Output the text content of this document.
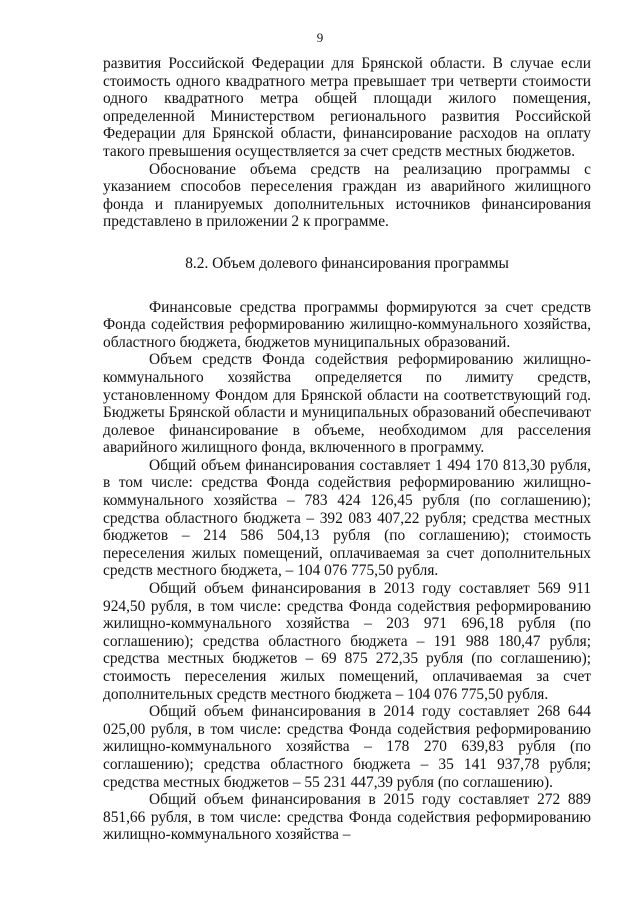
9

развития Российской Федерации для Брянской области. В случае если стоимость одного квадратного метра превышает три четверти стоимости одного квадратного метра общей площади жилого помещения, определенной Министерством регионального развития Российской Федерации для Брянской области, финансирование расходов на оплату такого превышения осуществляется за счет средств местных бюджетов.

Обоснование объема средств на реализацию программы с указанием способов переселения граждан из аварийного жилищного фонда и планируемых дополнительных источников финансирования представлено в приложении 2 к программе.

8.2. Объем долевого финансирования программы

Финансовые средства программы формируются за счет средств Фонда содействия реформированию жилищно-коммунального хозяйства, областного бюджета, бюджетов муниципальных образований.

Объем средств Фонда содействия реформированию жилищно-коммунального хозяйства определяется по лимиту средств, установленному Фондом для Брянской области на соответствующий год. Бюджеты Брянской области и муниципальных образований обеспечивают долевое финансирование в объеме, необходимом для расселения аварийного жилищного фонда, включенного в программу.

Общий объем финансирования составляет 1 494 170 813,30 рубля, в том числе: средства Фонда содействия реформированию жилищно-коммунального хозяйства – 783 424 126,45 рубля (по соглашению); средства областного бюджета – 392 083 407,22 рубля; средства местных бюджетов – 214 586 504,13 рубля (по соглашению); стоимость переселения жилых помещений, оплачиваемая за счет дополнительных средств местного бюджета, – 104 076 775,50 рубля.

Общий объем финансирования в 2013 году составляет 569 911 924,50 рубля, в том числе: средства Фонда содействия реформированию жилищно-коммунального хозяйства – 203 971 696,18 рубля (по соглашению); средства областного бюджета – 191 988 180,47 рубля; средства местных бюджетов – 69 875 272,35 рубля (по соглашению); стоимость переселения жилых помещений, оплачиваемая за счет дополнительных средств местного бюджета – 104 076 775,50 рубля.

Общий объем финансирования в 2014 году составляет 268 644 025,00 рубля, в том числе: средства Фонда содействия реформированию жилищно-коммунального хозяйства – 178 270 639,83 рубля (по соглашению); средства областного бюджета – 35 141 937,78 рубля; средства местных бюджетов – 55 231 447,39 рубля (по соглашению).

Общий объем финансирования в 2015 году составляет 272 889 851,66 рубля, в том числе: средства Фонда содействия реформированию жилищно-коммунального хозяйства –
